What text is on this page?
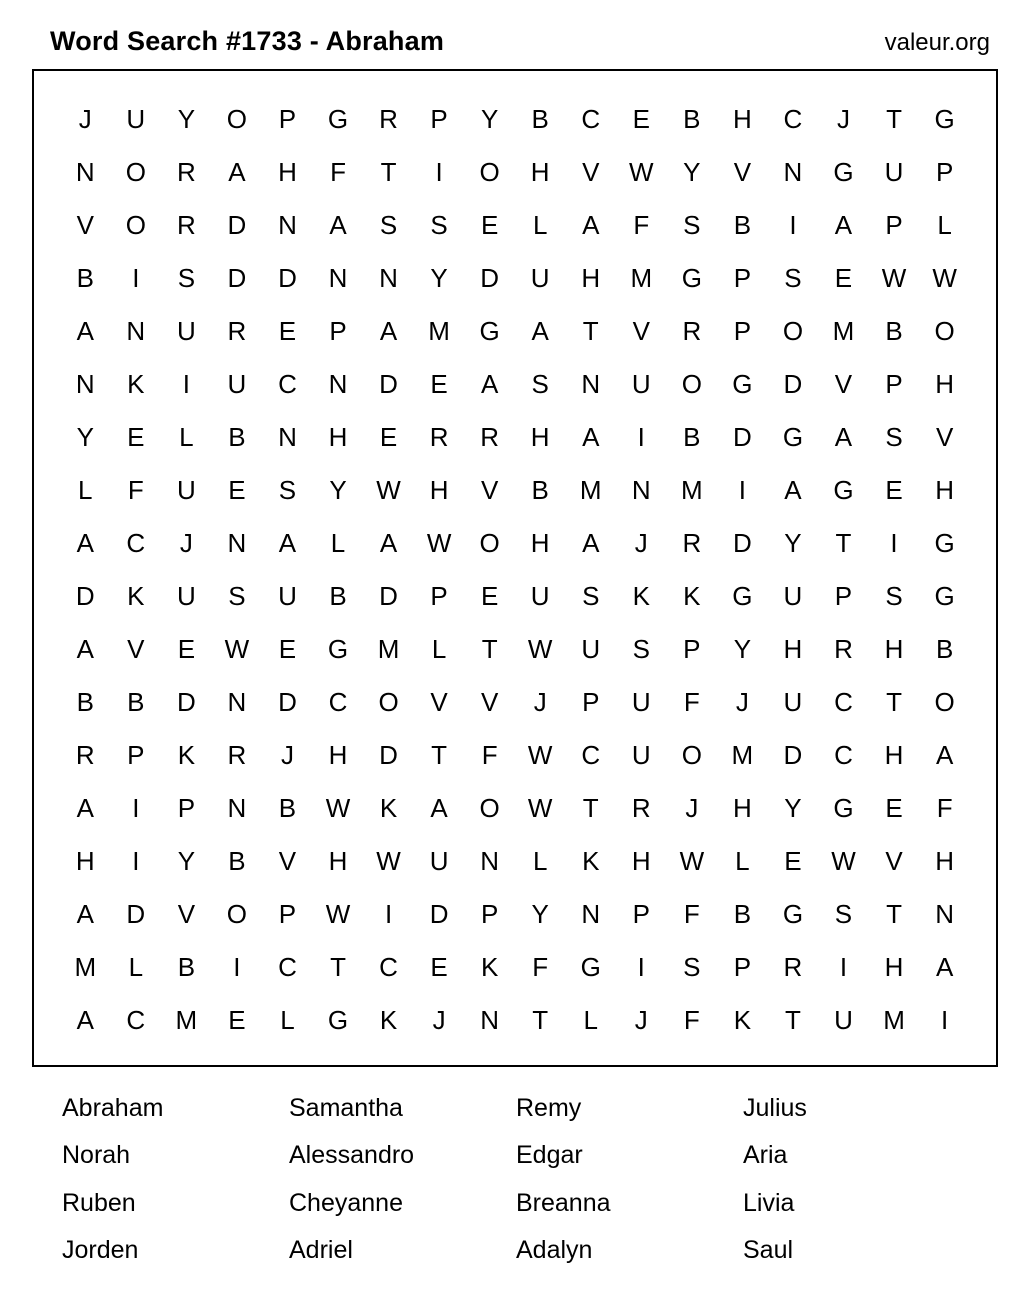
Word Search #1733 - Abraham	valeur.org
J	U	Y	O	P	G	R	P	Y	B	C	E	B	H	C	J	T	G
N	O	R	A	H	F	T	I	O	H	V	W	Y	V	N	G	U	P
V	O	R	D	N	A	S	S	E	L	A	F	S	B	I	A	P	L
B	I	S	D	D	N	N	Y	D	U	H	M	G	P	S	E	W	W
A	N	U	R	E	P	A	M	G	A	T	V	R	P	O	M	B	O
N	K	I	U	C	N	D	E	A	S	N	U	O	G	D	V	P	H
Y	E	L	B	N	H	E	R	R	H	A	I	B	D	G	A	S	V
L	F	U	E	S	Y	W	H	V	B	M	N	M	I	A	G	E	H
A	C	J	N	A	L	A	W	O	H	A	J	R	D	Y	T	I	G
D	K	U	S	U	B	D	P	E	U	S	K	K	G	U	P	S	G
A	V	E	W	E	G	M	L	T	W	U	S	P	Y	H	R	H	B
B	B	D	N	D	C	O	V	V	J	P	U	F	J	U	C	T	O
R	P	K	R	J	H	D	T	F	W	C	U	O	M	D	C	H	A
A	I	P	N	B	W	K	A	O	W	T	R	J	H	Y	G	E	F
H	I	Y	B	V	H	W	U	N	L	K	H	W	L	E	W	V	H
A	D	V	O	P	W	I	D	P	Y	N	P	F	B	G	S	T	N
M	L	B	I	C	T	C	E	K	F	G	I	S	P	R	I	H	A
A	C	M	E	L	G	K	J	N	T	L	J	F	K	T	U	M	I
Abraham	Samantha	Remy	Julius
Norah	Alessandro	Edgar	Aria
Ruben	Cheyanne	Breanna	Livia
Jorden	Adriel	Adalyn	Saul
